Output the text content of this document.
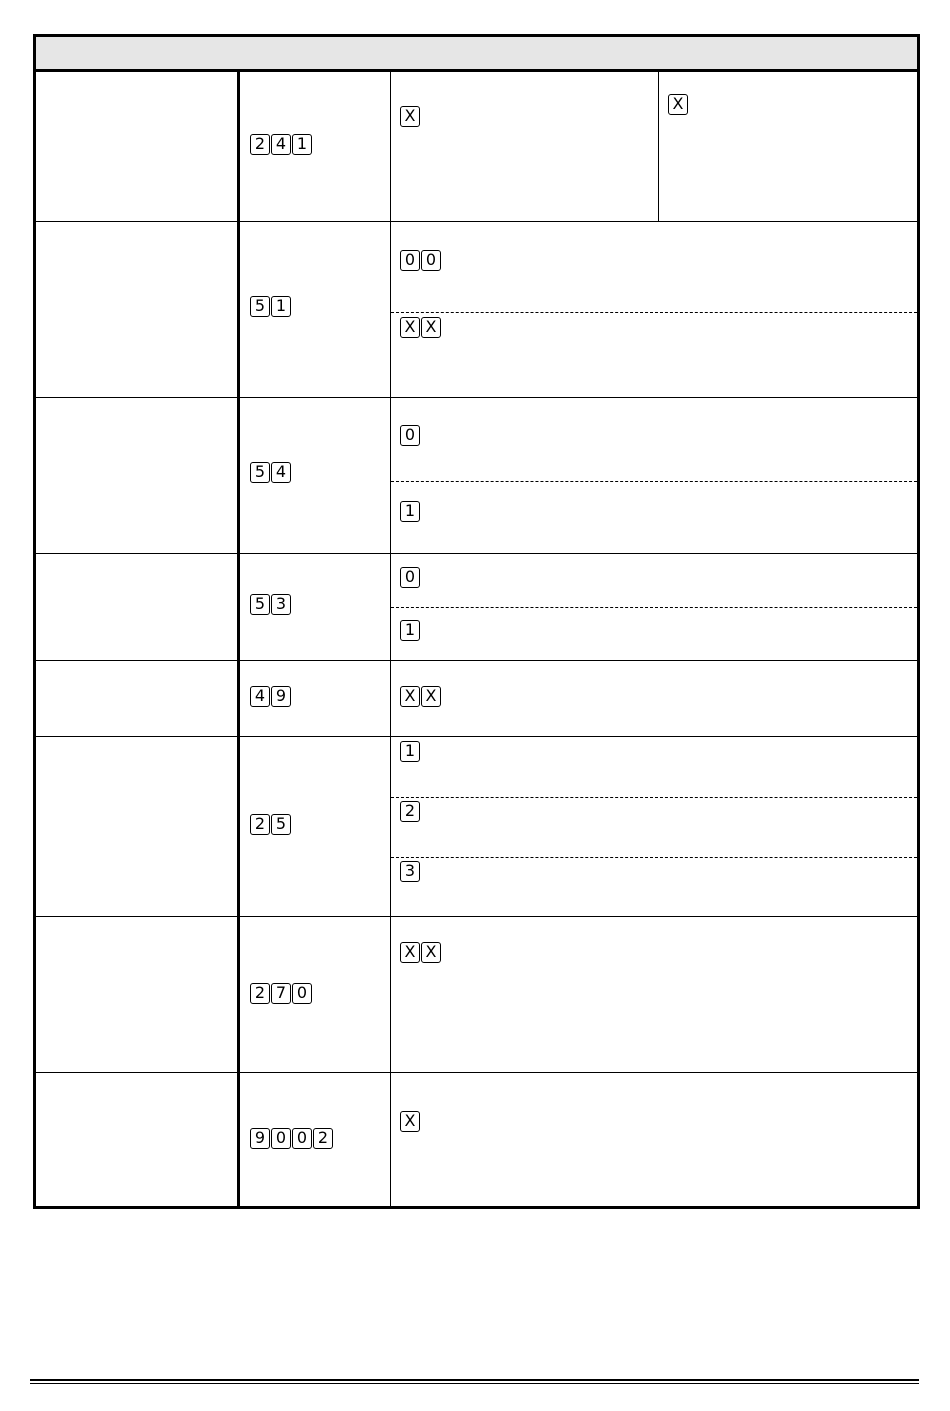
2 4 1
X
X
5 1
0 0
X X
5 4
0
1
5 3
0
1
4 9	X X
2 5
1
2
3
2 7 0
X X
9 0 0 2
X
